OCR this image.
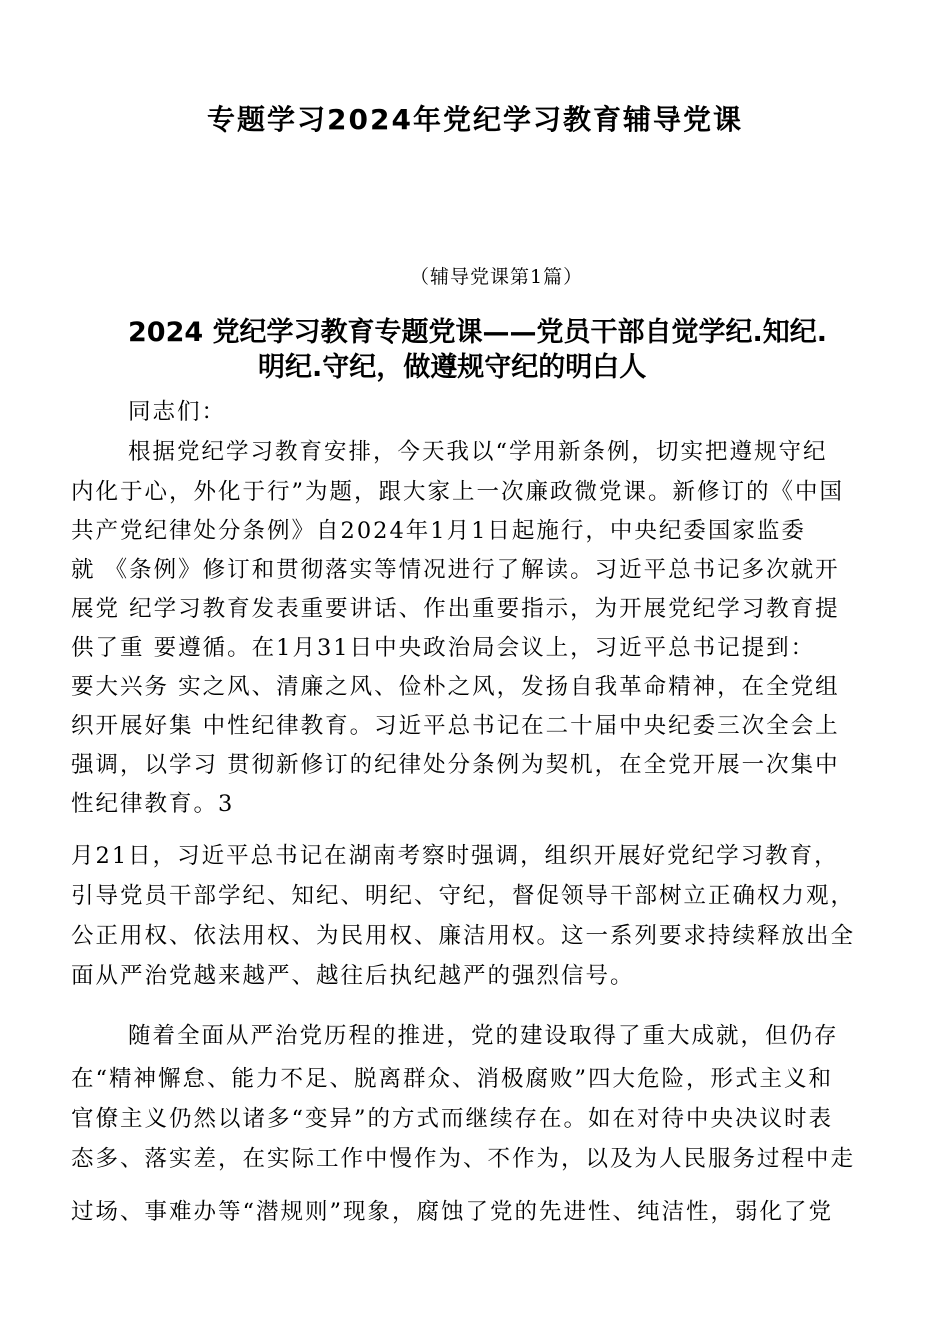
专题学习2024年党纪学习教育辅导党课
（辅导党课第1篇）
2024 党纪学习教育专题党课——党员干部自觉学纪.知纪.
明纪.守纪，做遵规守纪的明白人
同志们：
根据党纪学习教育安排，今天我以“学用新条例，切实把遵规守纪
内化于心，外化于行”为题，跟大家上一次廉政微党课。新修订的《中国
共产党纪律处分条例》自2024年1月1日起施行，中央纪委国家监委
就 《条例》修订和贯彻落实等情况进行了解读。习近平总书记多次就开
展党 纪学习教育发表重要讲话、作出重要指示，为开展党纪学习教育提
供了重 要遵循。在1月31日中央政治局会议上，习近平总书记提到：
要大兴务 实之风、清廉之风、俭朴之风，发扬自我革命精神，在全党组
织开展好集 中性纪律教育。习近平总书记在二十届中央纪委三次全会上
强调，以学习 贯彻新修订的纪律处分条例为契机，在全党开展一次集中
性纪律教育。3
月21日，习近平总书记在湖南考察时强调，组织开展好党纪学习教育，
引导党员干部学纪、知纪、明纪、守纪，督促领导干部树立正确权力观，
公正用权、依法用权、为民用权、廉洁用权。这一系列要求持续释放出全
面从严治党越来越严、越往后执纪越严的强烈信号。
随着全面从严治党历程的推进，党的建设取得了重大成就，但仍存
在“精神懈怠、能力不足、脱离群众、消极腐败”四大危险，形式主义和
官僚主义仍然以诸多“变异”的方式而继续存在。如在对待中央决议时表
态多、落实差，在实际工作中慢作为、不作为，以及为人民服务过程中走
过场、事难办等“潜规则”现象，腐蚀了党的先进性、纯洁性，弱化了党
